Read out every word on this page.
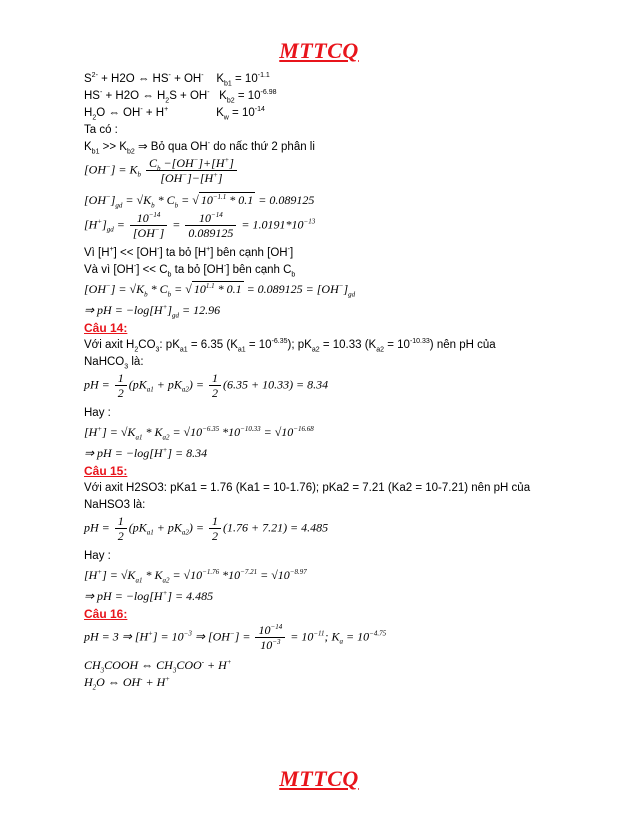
MTTCQ
$S^{2-} + H2O$ ⇔ HS- + OH-    $K_{b1} = 10^{-1.1}$
HS- + H2O ⇔ $H_2S + OH^-$   $K_{b2} = 10^{-6.98}$
$H_2O$ ⇔ OH- + H+               $K_w = 10^{-14}$
Ta có :
$K_{b1} >> K_{b2}$ ⇒ Bỏ qua OH- do nấc thứ 2 phân li
$[OH^-] = K_b \frac{C_b -[OH^-]+[H^+]}{[OH^-]-[H^+]}$
$[OH^-]_{gd} = √K_b * C_b$ = √ $10^{-1.1} * 0.1 = 0.089125$
$[H^+]_{gd} = \frac{10^{-14}}{[OH^-]} = \frac{10^{-14}}{0.089125} = 1.0191*10^{-13}$
Vì [H+] << [OH-] ta bỏ [H+] bên cạnh [OH-]
Và vì $[OH^-] << C_b$ ta bỏ [OH-] bên cạnh $C_b$
$[OH^-] = √K_b * C_b$ = √ $10^{1.1} * 0.1 = 0.089125 = [OH^-]_{gd}$
⇒ pH = $-\log[H^+]_{gd} = 12.96$
Câu 14:
Với axit $H_2CO_3$: $pK_{a1} = 6.35$ $(K_{a1} = 10^{-6.35})$; $pK_{a2} = 10.33$ $(K_{a2} = 10^{-10.33})$ nên pH của
NaHCO$_3$ là:
pH = $\frac{1}{2} (pK_{a1} + pK_{a2}) = \frac{1}{2} (6.35 + 10.33) = 8.34$
Hay :
$[H^+] = √K_{a1} * K_{a2} = √10^{-6.35}$ $*10^{-10.33} = √10^{-16.68}$
⇒ pH = −log[H+] = 8.34
Câu 15:
Với axit H2SO3: pKa1 = 1.76 (Ka1 = 10-1.76); pKa2 = 7.21 (Ka2 = 10-7.21) nên pH của
NaHSO3 là:
pH = $\frac{1}{2} (pK_{a1} + pK_{a2}) = \frac{1}{2} (1.76 + 7.21) = 4.485$
Hay :
$[H^+] = √K_{a1} * K_{a2} = √10^{-1.76}$ $*10^{-7.21} = √10^{-8.97}$
⇒ pH = −log[H+] = 4.485
Câu 16:
pH = 3 ⇒ $[H^+] = 10^{-3}$ ⇒ $[OH^-] = \frac{10^{-14}}{10^{-3}} = 10^{-11}$; $K_a = 10^{-4.75}$
$CH_3COOH$ ⇔ $CH_3COO^- + H^+$
$H_2O$ ⇔ OH- + H+
MTTCQ
